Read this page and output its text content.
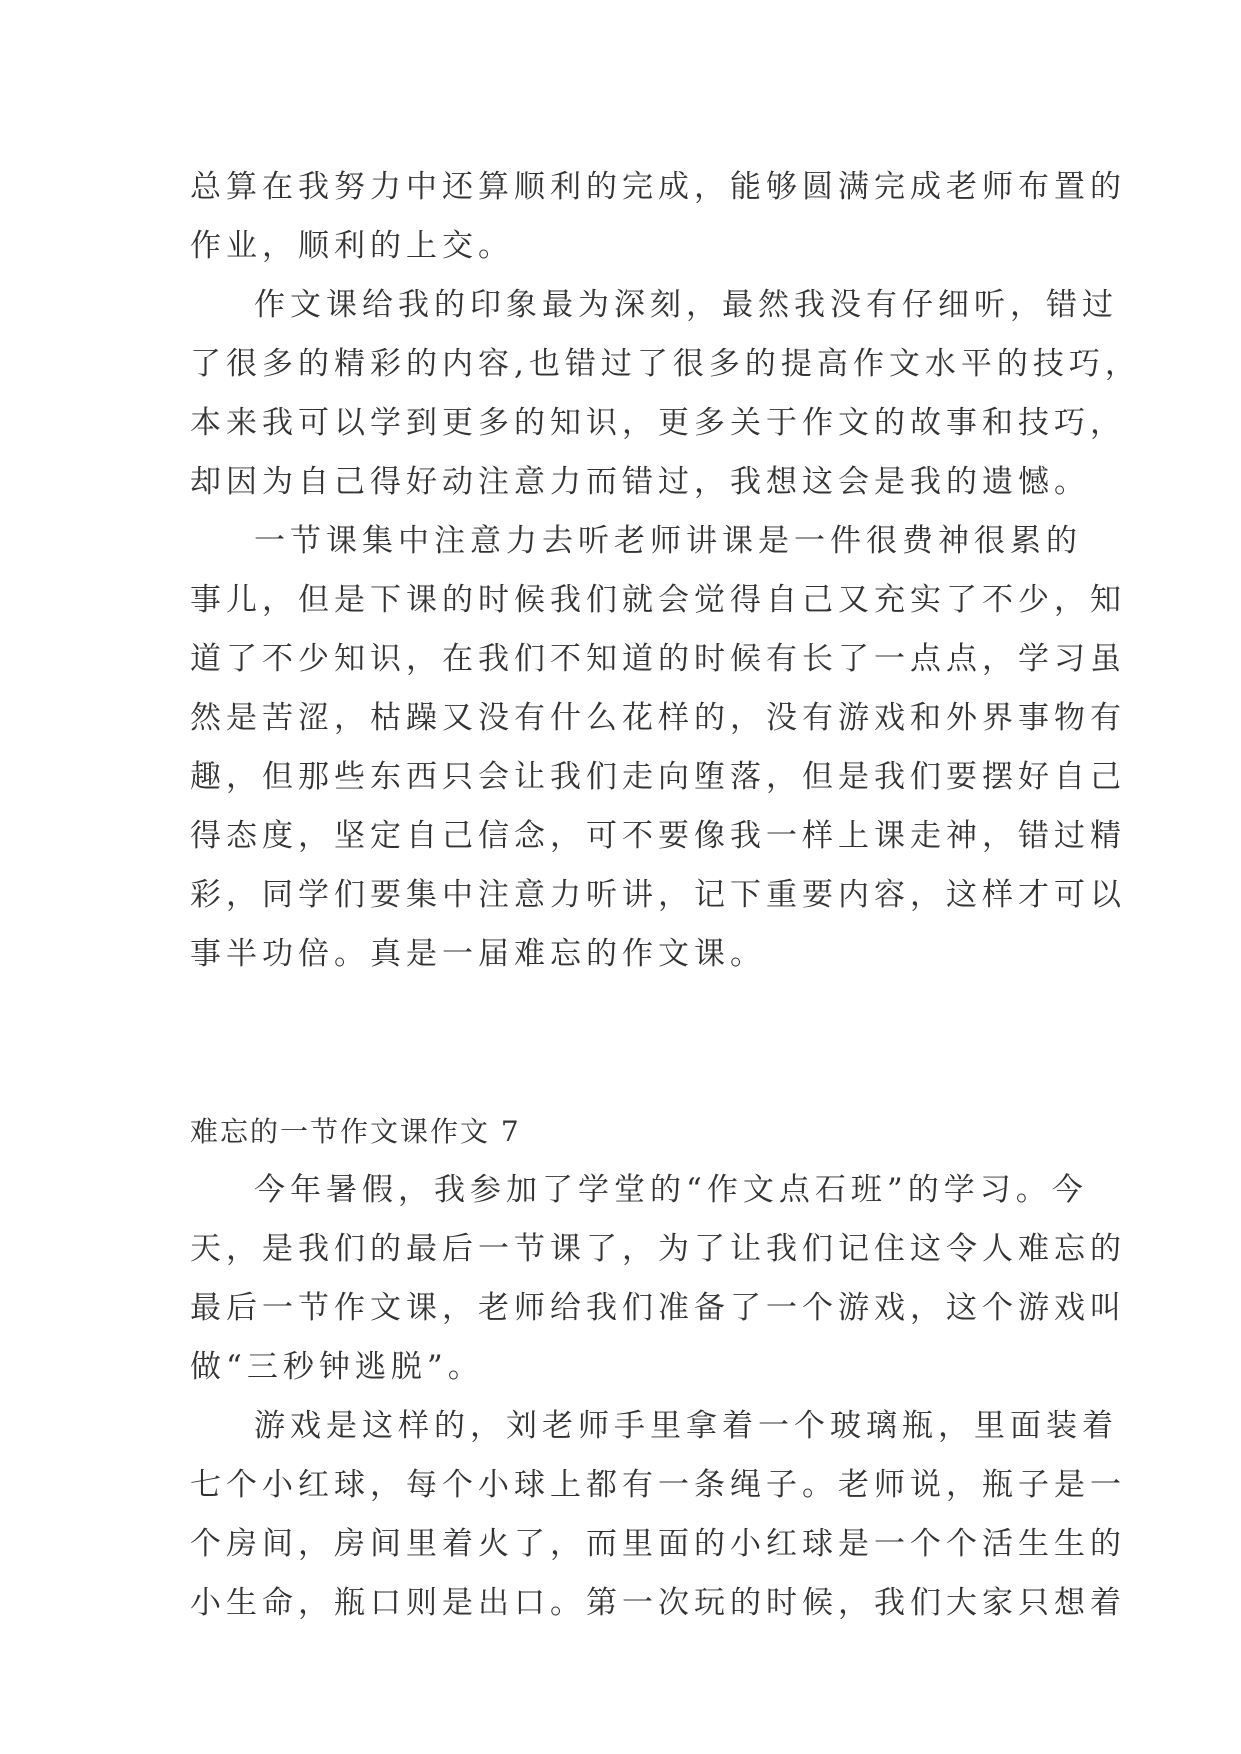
总算在我努力中还算顺利的完成，能够圆满完成老师布置的
作业，顺利的上交。
作文课给我的印象最为深刻，最然我没有仔细听，错过
了很多的精彩的内容,也错过了很多的提高作文水平的技巧，
本来我可以学到更多的知识，更多关于作文的故事和技巧，
却因为自己得好动注意力而错过，我想这会是我的遗憾。
一节课集中注意力去听老师讲课是一件很费神很累的
事儿，但是下课的时候我们就会觉得自己又充实了不少，知
道了不少知识，在我们不知道的时候有长了一点点，学习虽
然是苦涩，枯躁又没有什么花样的，没有游戏和外界事物有
趣，但那些东西只会让我们走向堕落，但是我们要摆好自己
得态度，坚定自己信念，可不要像我一样上课走神，错过精
彩，同学们要集中注意力听讲，记下重要内容，这样才可以
事半功倍。真是一届难忘的作文课。
难忘的一节作文课作文 7
今年暑假，我参加了学堂的“作文点石班”的学习。今
天，是我们的最后一节课了，为了让我们记住这令人难忘的
最后一节作文课，老师给我们准备了一个游戏，这个游戏叫
做“三秒钟逃脱”。
游戏是这样的，刘老师手里拿着一个玻璃瓶，里面装着
七个小红球，每个小球上都有一条绳子。老师说，瓶子是一
个房间，房间里着火了，而里面的小红球是一个个活生生的
小生命，瓶口则是出口。第一次玩的时候，我们大家只想着
